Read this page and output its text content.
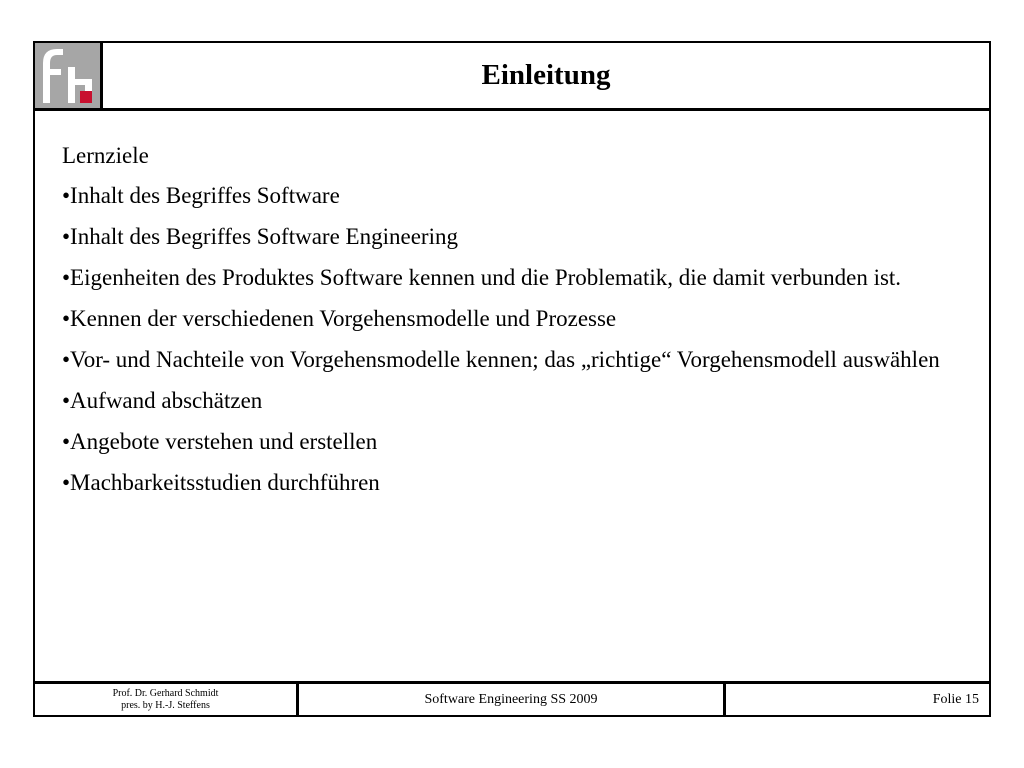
Einleitung
Lernziele
•Inhalt des Begriffes Software
•Inhalt des Begriffes Software Engineering
•Eigenheiten des Produktes Software kennen und die Problematik, die damit verbunden ist.
•Kennen der verschiedenen Vorgehensmodelle und Prozesse
•Vor- und Nachteile von Vorgehensmodelle kennen; das „richtige“ Vorgehensmodell auswählen
•Aufwand abschätzen
•Angebote verstehen und erstellen
•Machbarkeitsstudien durchführen
Prof. Dr. Gerhard Schmidt
pres. by H.-J. Steffens	Software Engineering SS 2009	Folie 15
